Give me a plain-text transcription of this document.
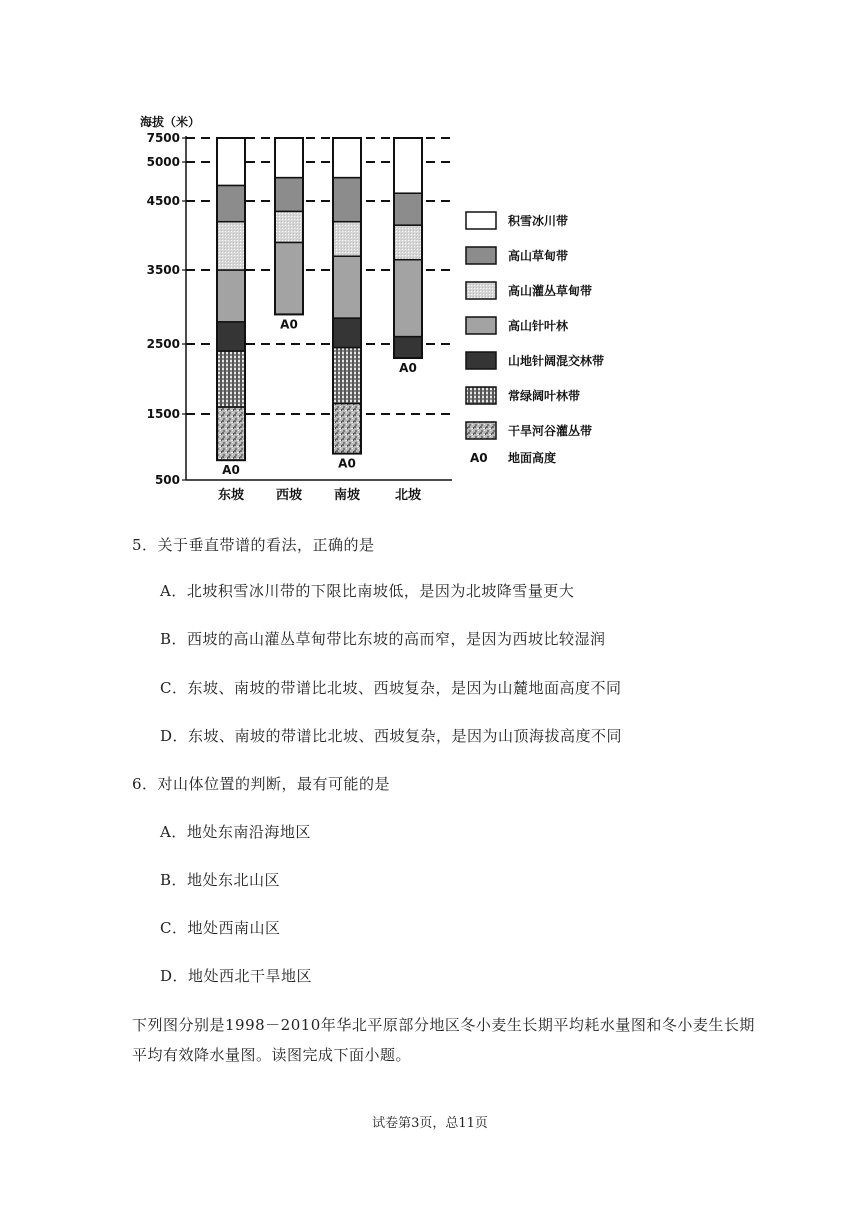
海拔（米）
7500
5000
4500
3500
2500
1500
500
A0
东坡
A0
西坡
A0
南坡
A0
北坡
积雪冰川带
高山草甸带
高山灌丛草甸带
高山针叶林
山地针阔混交林带
常绿阔叶林带
干旱河谷灌丛带
A0 地面高度
5．关于垂直带谱的看法，正确的是
A．北坡积雪冰川带的下限比南坡低，是因为北坡降雪量更大
B．西坡的高山灌丛草甸带比东坡的高而窄，是因为西坡比较湿润
C．东坡、南坡的带谱比北坡、西坡复杂，是因为山麓地面高度不同
D．东坡、南坡的带谱比北坡、西坡复杂，是因为山顶海拔高度不同
6．对山体位置的判断，最有可能的是
A．地处东南沿海地区
B．地处东北山区
C．地处西南山区
D．地处西北干旱地区
下列图分别是1998－2010年华北平原部分地区冬小麦生长期平均耗水量图和冬小麦生长期
平均有效降水量图。读图完成下面小题。
试卷第3页，总11页
